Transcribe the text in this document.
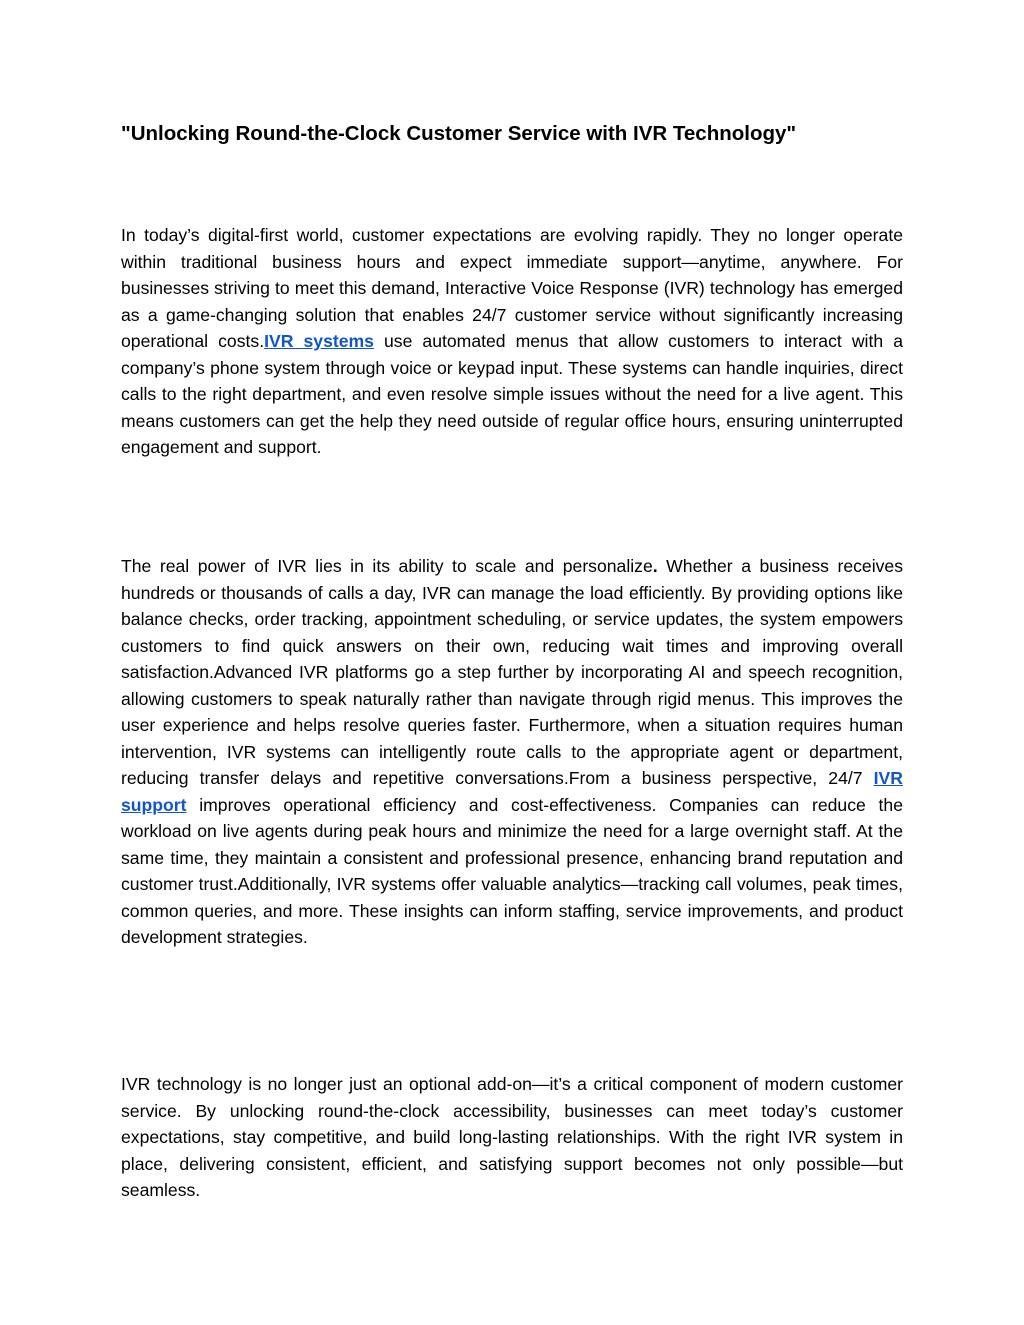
"Unlocking Round-the-Clock Customer Service with IVR Technology"

In today’s digital-first world, customer expectations are evolving rapidly. They no longer operate within traditional business hours and expect immediate support—anytime, anywhere. For businesses striving to meet this demand, Interactive Voice Response (IVR) technology has emerged as a game-changing solution that enables 24/7 customer service without significantly increasing operational costs.IVR systems use automated menus that allow customers to interact with a company’s phone system through voice or keypad input. These systems can handle inquiries, direct calls to the right department, and even resolve simple issues without the need for a live agent. This means customers can get the help they need outside of regular office hours, ensuring uninterrupted engagement and support.

The real power of IVR lies in its ability to scale and personalize. Whether a business receives hundreds or thousands of calls a day, IVR can manage the load efficiently. By providing options like balance checks, order tracking, appointment scheduling, or service updates, the system empowers customers to find quick answers on their own, reducing wait times and improving overall satisfaction.Advanced IVR platforms go a step further by incorporating AI and speech recognition, allowing customers to speak naturally rather than navigate through rigid menus. This improves the user experience and helps resolve queries faster. Furthermore, when a situation requires human intervention, IVR systems can intelligently route calls to the appropriate agent or department, reducing transfer delays and repetitive conversations.From a business perspective, 24/7 IVR support improves operational efficiency and cost-effectiveness. Companies can reduce the workload on live agents during peak hours and minimize the need for a large overnight staff. At the same time, they maintain a consistent and professional presence, enhancing brand reputation and customer trust.Additionally, IVR systems offer valuable analytics—tracking call volumes, peak times, common queries, and more. These insights can inform staffing, service improvements, and product development strategies.

IVR technology is no longer just an optional add-on—it’s a critical component of modern customer service. By unlocking round-the-clock accessibility, businesses can meet today’s customer expectations, stay competitive, and build long-lasting relationships. With the right IVR system in place, delivering consistent, efficient, and satisfying support becomes not only possible—but seamless.
